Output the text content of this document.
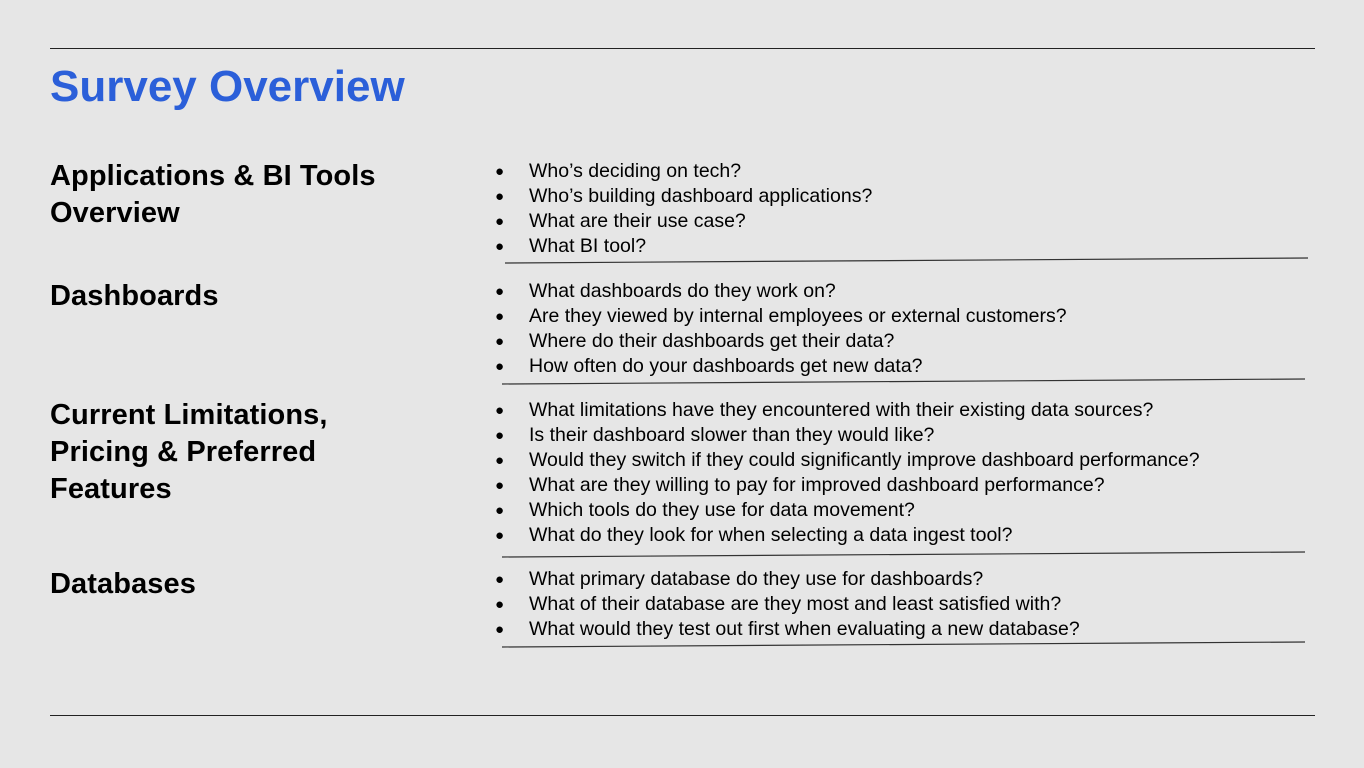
Survey Overview
Applications & BI Tools
Overview
● Who’s deciding on tech?
● Who’s building dashboard applications?
● What are their use case?
● What BI tool?
Dashboards	● What dashboards do they work on?
● Are they viewed by internal employees or external customers?
● Where do their dashboards get their data?
● How often do your dashboards get new data?
Current Limitations,
Pricing & Preferred
Features
● What limitations have they encountered with their existing data sources?
● Is their dashboard slower than they would like?
● Would they switch if they could significantly improve dashboard performance?
● What are they willing to pay for improved dashboard performance?
● Which tools do they use for data movement?
● What do they look for when selecting a data ingest tool?
Databases	● What primary database do they use for dashboards?
● What of their database are they most and least satisfied with?
● What would they test out first when evaluating a new database?
